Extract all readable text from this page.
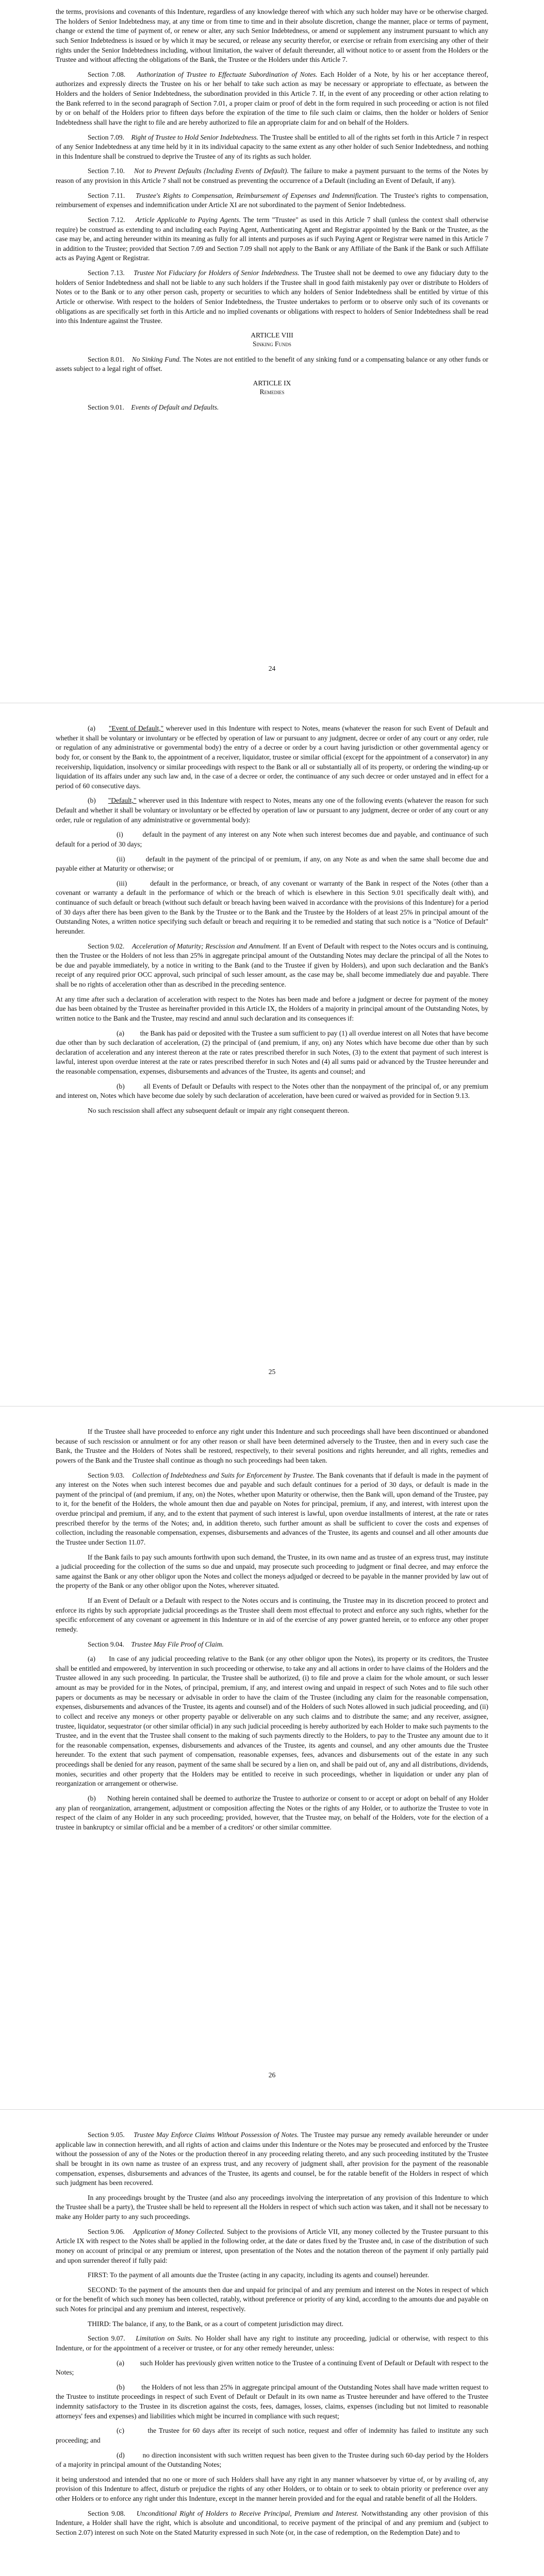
the terms, provisions and covenants of this Indenture, regardless of any knowledge thereof with which any such holder may have or be otherwise charged. The holders of Senior Indebtedness may, at any time or from time to time and in their absolute discretion, change the manner, place or terms of payment, change or extend the time of payment of, or renew or alter, any such Senior Indebtedness, or amend or supplement any instrument pursuant to which any such Senior Indebtedness is issued or by which it may be secured, or release any security therefor, or exercise or refrain from exercising any other of their rights under the Senior Indebtedness including, without limitation, the waiver of default thereunder, all without notice to or assent from the Holders or the Trustee and without affecting the obligations of the Bank, the Trustee or the Holders under this Article 7.

Section 7.08. Authorization of Trustee to Effectuate Subordination of Notes. Each Holder of a Note, by his or her acceptance thereof, authorizes and expressly directs the Trustee on his or her behalf to take such action as may be necessary or appropriate to effectuate, as between the Holders and the holders of Senior Indebtedness, the subordination provided in this Article 7. If, in the event of any proceeding or other action relating to the Bank referred to in the second paragraph of Section 7.01, a proper claim or proof of debt in the form required in such proceeding or action is not filed by or on behalf of the Holders prior to fifteen days before the expiration of the time to file such claim or claims, then the holder or holders of Senior Indebtedness shall have the right to file and are hereby authorized to file an appropriate claim for and on behalf of the Holders.

Section 7.09. Right of Trustee to Hold Senior Indebtedness. The Trustee shall be entitled to all of the rights set forth in this Article 7 in respect of any Senior Indebtedness at any time held by it in its individual capacity to the same extent as any other holder of such Senior Indebtedness, and nothing in this Indenture shall be construed to deprive the Trustee of any of its rights as such holder.

Section 7.10. Not to Prevent Defaults (Including Events of Default). The failure to make a payment pursuant to the terms of the Notes by reason of any provision in this Article 7 shall not be construed as preventing the occurrence of a Default (including an Event of Default, if any).

Section 7.11. Trustee's Rights to Compensation, Reimbursement of Expenses and Indemnification. The Trustee's rights to compensation, reimbursement of expenses and indemnification under Article XI are not subordinated to the payment of Senior Indebtedness.

Section 7.12. Article Applicable to Paying Agents. The term "Trustee" as used in this Article 7 shall (unless the context shall otherwise require) be construed as extending to and including each Paying Agent, Authenticating Agent and Registrar appointed by the Bank or the Trustee, as the case may be, and acting hereunder within its meaning as fully for all intents and purposes as if such Paying Agent or Registrar were named in this Article 7 in addition to the Trustee; provided that Section 7.09 and Section 7.09 shall not apply to the Bank or any Affiliate of the Bank if the Bank or such Affiliate acts as Paying Agent or Registrar.

Section 7.13. Trustee Not Fiduciary for Holders of Senior Indebtedness. The Trustee shall not be deemed to owe any fiduciary duty to the holders of Senior Indebtedness and shall not be liable to any such holders if the Trustee shall in good faith mistakenly pay over or distribute to Holders of Notes or to the Bank or to any other person cash, property or securities to which any holders of Senior Indebtedness shall be entitled by virtue of this Article or otherwise. With respect to the holders of Senior Indebtedness, the Trustee undertakes to perform or to observe only such of its covenants or obligations as are specifically set forth in this Article and no implied covenants or obligations with respect to holders of Senior Indebtedness shall be read into this Indenture against the Trustee.

ARTICLE VIII
Sinking Funds

Section 8.01. No Sinking Fund. The Notes are not entitled to the benefit of any sinking fund or a compensating balance or any other funds or assets subject to a legal right of offset.

ARTICLE IX
Remedies

Section 9.01. Events of Default and Defaults.

24

(a) "Event of Default," wherever used in this Indenture with respect to Notes, means (whatever the reason for such Event of Default and whether it shall be voluntary or involuntary or be effected by operation of law or pursuant to any judgment, decree or order of any court or any order, rule or regulation of any administrative or governmental body) the entry of a decree or order by a court having jurisdiction or other governmental agency or body for, or consent by the Bank to, the appointment of a receiver, liquidator, trustee or similar official (except for the appointment of a conservator) in any receivership, liquidation, insolvency or similar proceedings with respect to the Bank or all or substantially all of its property, or ordering the winding-up or liquidation of its affairs under any such law and, in the case of a decree or order, the continuance of any such decree or order unstayed and in effect for a period of 60 consecutive days.

(b) "Default," wherever used in this Indenture with respect to Notes, means any one of the following events (whatever the reason for such Default and whether it shall be voluntary or involuntary or be effected by operation of law or pursuant to any judgment, decree or order of any court or any order, rule or regulation of any administrative or governmental body):

(i)	default in the payment of any interest on any Note when such interest becomes due and payable, and continuance of such default for a period of 30 days;

(ii)	default in the payment of the principal of or premium, if any, on any Note as and when the same shall become due and payable either at Maturity or otherwise; or

(iii)	default in the performance, or breach, of any covenant or warranty of the Bank in respect of the Notes (other than a covenant or warranty a default in the performance of which or the breach of which is elsewhere in this Section 9.01 specifically dealt with), and continuance of such default or breach (without such default or breach having been waived in accordance with the provisions of this Indenture) for a period of 30 days after there has been given to the Bank by the Trustee or to the Bank and the Trustee by the Holders of at least 25% in principal amount of the Outstanding Notes, a written notice specifying such default or breach and requiring it to be remedied and stating that such notice is a "Notice of Default" hereunder.

Section 9.02. Acceleration of Maturity; Rescission and Annulment. If an Event of Default with respect to the Notes occurs and is continuing, then the Trustee or the Holders of not less than 25% in aggregate principal amount of the Outstanding Notes may declare the principal of all the Notes to be due and payable immediately, by a notice in writing to the Bank (and to the Trustee if given by Holders), and upon such declaration and the Bank's receipt of any required prior OCC approval, such principal of such lesser amount, as the case may be, shall become immediately due and payable. There shall be no rights of acceleration other than as described in the preceding sentence.

At any time after such a declaration of acceleration with respect to the Notes has been made and before a judgment or decree for payment of the money due has been obtained by the Trustee as hereinafter provided in this Article IX, the Holders of a majority in principal amount of the Outstanding Notes, by written notice to the Bank and the Trustee, may rescind and annul such declaration and its consequences if:

(a) the Bank has paid or deposited with the Trustee a sum sufficient to pay (1) all overdue interest on all Notes that have become due other than by such declaration of acceleration, (2) the principal of (and premium, if any, on) any Notes which have become due other than by such declaration of acceleration and any interest thereon at the rate or rates prescribed therefor in such Notes, (3) to the extent that payment of such interest is lawful, interest upon overdue interest at the rate or rates prescribed therefor in such Notes and (4) all sums paid or advanced by the Trustee hereunder and the reasonable compensation, expenses, disbursements and advances of the Trustee, its agents and counsel; and

(b)	all Events of Default or Defaults with respect to the Notes other than the nonpayment of the principal of, or any premium and interest on, Notes which have become due solely by such declaration of acceleration, have been cured or waived as provided for in Section 9.13.

No such rescission shall affect any subsequent default or impair any right consequent thereon.

25

If the Trustee shall have proceeded to enforce any right under this Indenture and such proceedings shall have been discontinued or abandoned because of such rescission or annulment or for any other reason or shall have been determined adversely to the Trustee, then and in every such case the Bank, the Trustee and the Holders of Notes shall be restored, respectively, to their several positions and rights hereunder, and all rights, remedies and powers of the Bank and the Trustee shall continue as though no such proceedings had been taken.

Section 9.03. Collection of Indebtedness and Suits for Enforcement by Trustee. The Bank covenants that if default is made in the payment of any interest on the Notes when such interest becomes due and payable and such default continues for a period of 30 days, or default is made in the payment of the principal of (and premium, if any, on) the Notes, whether upon Maturity or otherwise, then the Bank will, upon demand of the Trustee, pay to it, for the benefit of the Holders, the whole amount then due and payable on Notes for principal, premium, if any, and interest, with interest upon the overdue principal and premium, if any, and to the extent that payment of such interest is lawful, upon overdue installments of interest, at the rate or rates prescribed therefor by the terms of the Notes; and, in addition thereto, such further amount as shall be sufficient to cover the costs and expenses of collection, including the reasonable compensation, expenses, disbursements and advances of the Trustee, its agents and counsel and all other amounts due the Trustee under Section 11.07.

If the Bank fails to pay such amounts forthwith upon such demand, the Trustee, in its own name and as trustee of an express trust, may institute a judicial proceeding for the collection of the sums so due and unpaid, may prosecute such proceeding to judgment or final decree, and may enforce the same against the Bank or any other obligor upon the Notes and collect the moneys adjudged or decreed to be payable in the manner provided by law out of the property of the Bank or any other obligor upon the Notes, wherever situated.

If an Event of Default or a Default with respect to the Notes occurs and is continuing, the Trustee may in its discretion proceed to protect and enforce its rights by such appropriate judicial proceedings as the Trustee shall deem most effectual to protect and enforce any such rights, whether for the specific enforcement of any covenant or agreement in this Indenture or in aid of the exercise of any power granted herein, or to enforce any other proper remedy.

Section 9.04. Trustee May File Proof of Claim.

(a) In case of any judicial proceeding relative to the Bank (or any other obligor upon the Notes), its property or its creditors, the Trustee shall be entitled and empowered, by intervention in such proceeding or otherwise, to take any and all actions in order to have claims of the Holders and the Trustee allowed in any such proceeding. In particular, the Trustee shall be authorized, (i) to file and prove a claim for the whole amount, or such lesser amount as may be provided for in the Notes, of principal, premium, if any, and interest owing and unpaid in respect of such Notes and to file such other papers or documents as may be necessary or advisable in order to have the claim of the Trustee (including any claim for the reasonable compensation, expenses, disbursements and advances of the Trustee, its agents and counsel) and of the Holders of such Notes allowed in such judicial proceeding, and (ii) to collect and receive any moneys or other property payable or deliverable on any such claims and to distribute the same; and any receiver, assignee, trustee, liquidator, sequestrator (or other similar official) in any such judicial proceeding is hereby authorized by each Holder to make such payments to the Trustee, and in the event that the Trustee shall consent to the making of such payments directly to the Holders, to pay to the Trustee any amount due to it for the reasonable compensation, expenses, disbursements and advances of the Trustee, its agents and counsel, and any other amounts due the Trustee hereunder. To the extent that such payment of compensation, reasonable expenses, fees, advances and disbursements out of the estate in any such proceedings shall be denied for any reason, payment of the same shall be secured by a lien on, and shall be paid out of, any and all distributions, dividends, monies, securities and other property that the Holders may be entitled to receive in such proceedings, whether in liquidation or under any plan of reorganization or arrangement or otherwise.

(b) Nothing herein contained shall be deemed to authorize the Trustee to authorize or consent to or accept or adopt on behalf of any Holder any plan of reorganization, arrangement, adjustment or composition affecting the Notes or the rights of any Holder, or to authorize the Trustee to vote in respect of the claim of any Holder in any such proceeding; provided, however, that the Trustee may, on behalf of the Holders, vote for the election of a trustee in bankruptcy or similar official and be a member of a creditors' or other similar committee.

26

Section 9.05. Trustee May Enforce Claims Without Possession of Notes. The Trustee may pursue any remedy available hereunder or under applicable law in connection herewith, and all rights of action and claims under this Indenture or the Notes may be prosecuted and enforced by the Trustee without the possession of any of the Notes or the production thereof in any proceeding relating thereto, and any such proceeding instituted by the Trustee shall be brought in its own name as trustee of an express trust, and any recovery of judgment shall, after provision for the payment of the reasonable compensation, expenses, disbursements and advances of the Trustee, its agents and counsel, be for the ratable benefit of the Holders in respect of which such judgment has been recovered.

In any proceedings brought by the Trustee (and also any proceedings involving the interpretation of any provision of this Indenture to which the Trustee shall be a party), the Trustee shall be held to represent all the Holders in respect of which such action was taken, and it shall not be necessary to make any Holder party to any such proceedings.

Section 9.06. Application of Money Collected. Subject to the provisions of Article VII, any money collected by the Trustee pursuant to this Article IX with respect to the Notes shall be applied in the following order, at the date or dates fixed by the Trustee and, in case of the distribution of such money on account of principal or any premium or interest, upon presentation of the Notes and the notation thereon of the payment if only partially paid and upon surrender thereof if fully paid:

FIRST: To the payment of all amounts due the Trustee (acting in any capacity, including its agents and counsel) hereunder.

SECOND: To the payment of the amounts then due and unpaid for principal of and any premium and interest on the Notes in respect of which or for the benefit of which such money has been collected, ratably, without preference or priority of any kind, according to the amounts due and payable on such Notes for principal and any premium and interest, respectively.

THIRD: The balance, if any, to the Bank, or as a court of competent jurisdiction may direct.

Section 9.07. Limitation on Suits. No Holder shall have any right to institute any proceeding, judicial or otherwise, with respect to this Indenture, or for the appointment of a receiver or trustee, or for any other remedy hereunder, unless:

(a) such Holder has previously given written notice to the Trustee of a continuing Event of Default or Default with respect to the Notes;

(b) the Holders of not less than 25% in aggregate principal amount of the Outstanding Notes shall have made written request to the Trustee to institute proceedings in respect of such Event of Default or Default in its own name as Trustee hereunder and have offered to the Trustee indemnity satisfactory to the Trustee in its discretion against the costs, fees, damages, losses, claims, expenses (including but not limited to reasonable attorneys' fees and expenses) and liabilities which might be incurred in compliance with such request;

(c)	the Trustee for 60 days after its receipt of such notice, request and offer of indemnity has failed to institute any such proceeding; and

(d)	no direction inconsistent with such written request has been given to the Trustee during such 60-day period by the Holders of a majority in principal amount of the Outstanding Notes;

it being understood and intended that no one or more of such Holders shall have any right in any manner whatsoever by virtue of, or by availing of, any provision of this Indenture to affect, disturb or prejudice the rights of any other Holders, or to obtain or to seek to obtain priority or preference over any other Holders or to enforce any right under this Indenture, except in the manner herein provided and for the equal and ratable benefit of all the Holders.

Section 9.08. Unconditional Right of Holders to Receive Principal, Premium and Interest. Notwithstanding any other provision of this Indenture, a Holder shall have the right, which is absolute and unconditional, to receive payment of the principal of and any premium and (subject to Section 2.07) interest on such Note on the Stated Maturity expressed in such Note (or, in the case of redemption, on the Redemption Date) and to
